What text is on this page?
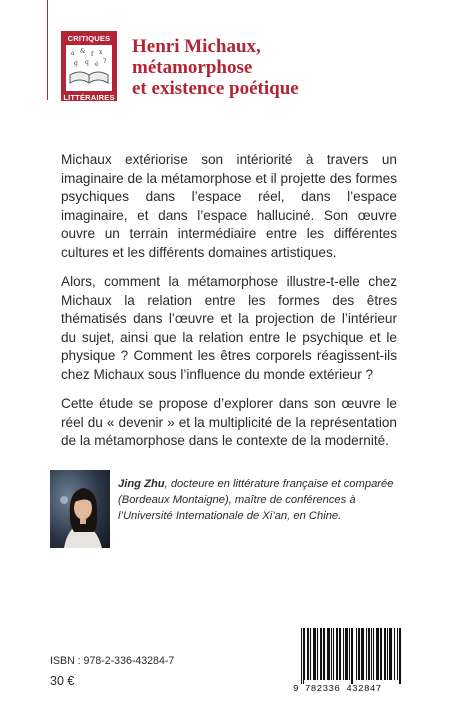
CRITIQUES
a & f x
g q é ?
LITTÉRAIRES
Henri Michaux,
métamorphose
et existence poétique

Michaux extériorise son intériorité à travers un imaginaire de la métamorphose et il projette des formes psychiques dans l’espace réel, dans l’espace imaginaire, et dans l’espace halluciné. Son œuvre ouvre un terrain intermédiaire entre les différentes cultures et les différents domaines artistiques.

Alors, comment la métamorphose illustre-t-elle chez Michaux la relation entre les formes des êtres thématisés dans l’œuvre et la projection de l’intérieur du sujet, ainsi que la relation entre le psychique et le physique ? Comment les êtres corporels réagissent-ils chez Michaux sous l’influence du monde extérieur ?

Cette étude se propose d’explorer dans son œuvre le réel du « devenir » et la multiplicité de la représentation de la métamorphose dans le contexte de la modernité.

Jing Zhu, docteure en littérature française et comparée (Bordeaux Montaigne), maître de conférences à l’Université Internationale de Xi’an, en Chine.
ISBN : 978-2-336-43284-7
30 €
9 782336 432847
